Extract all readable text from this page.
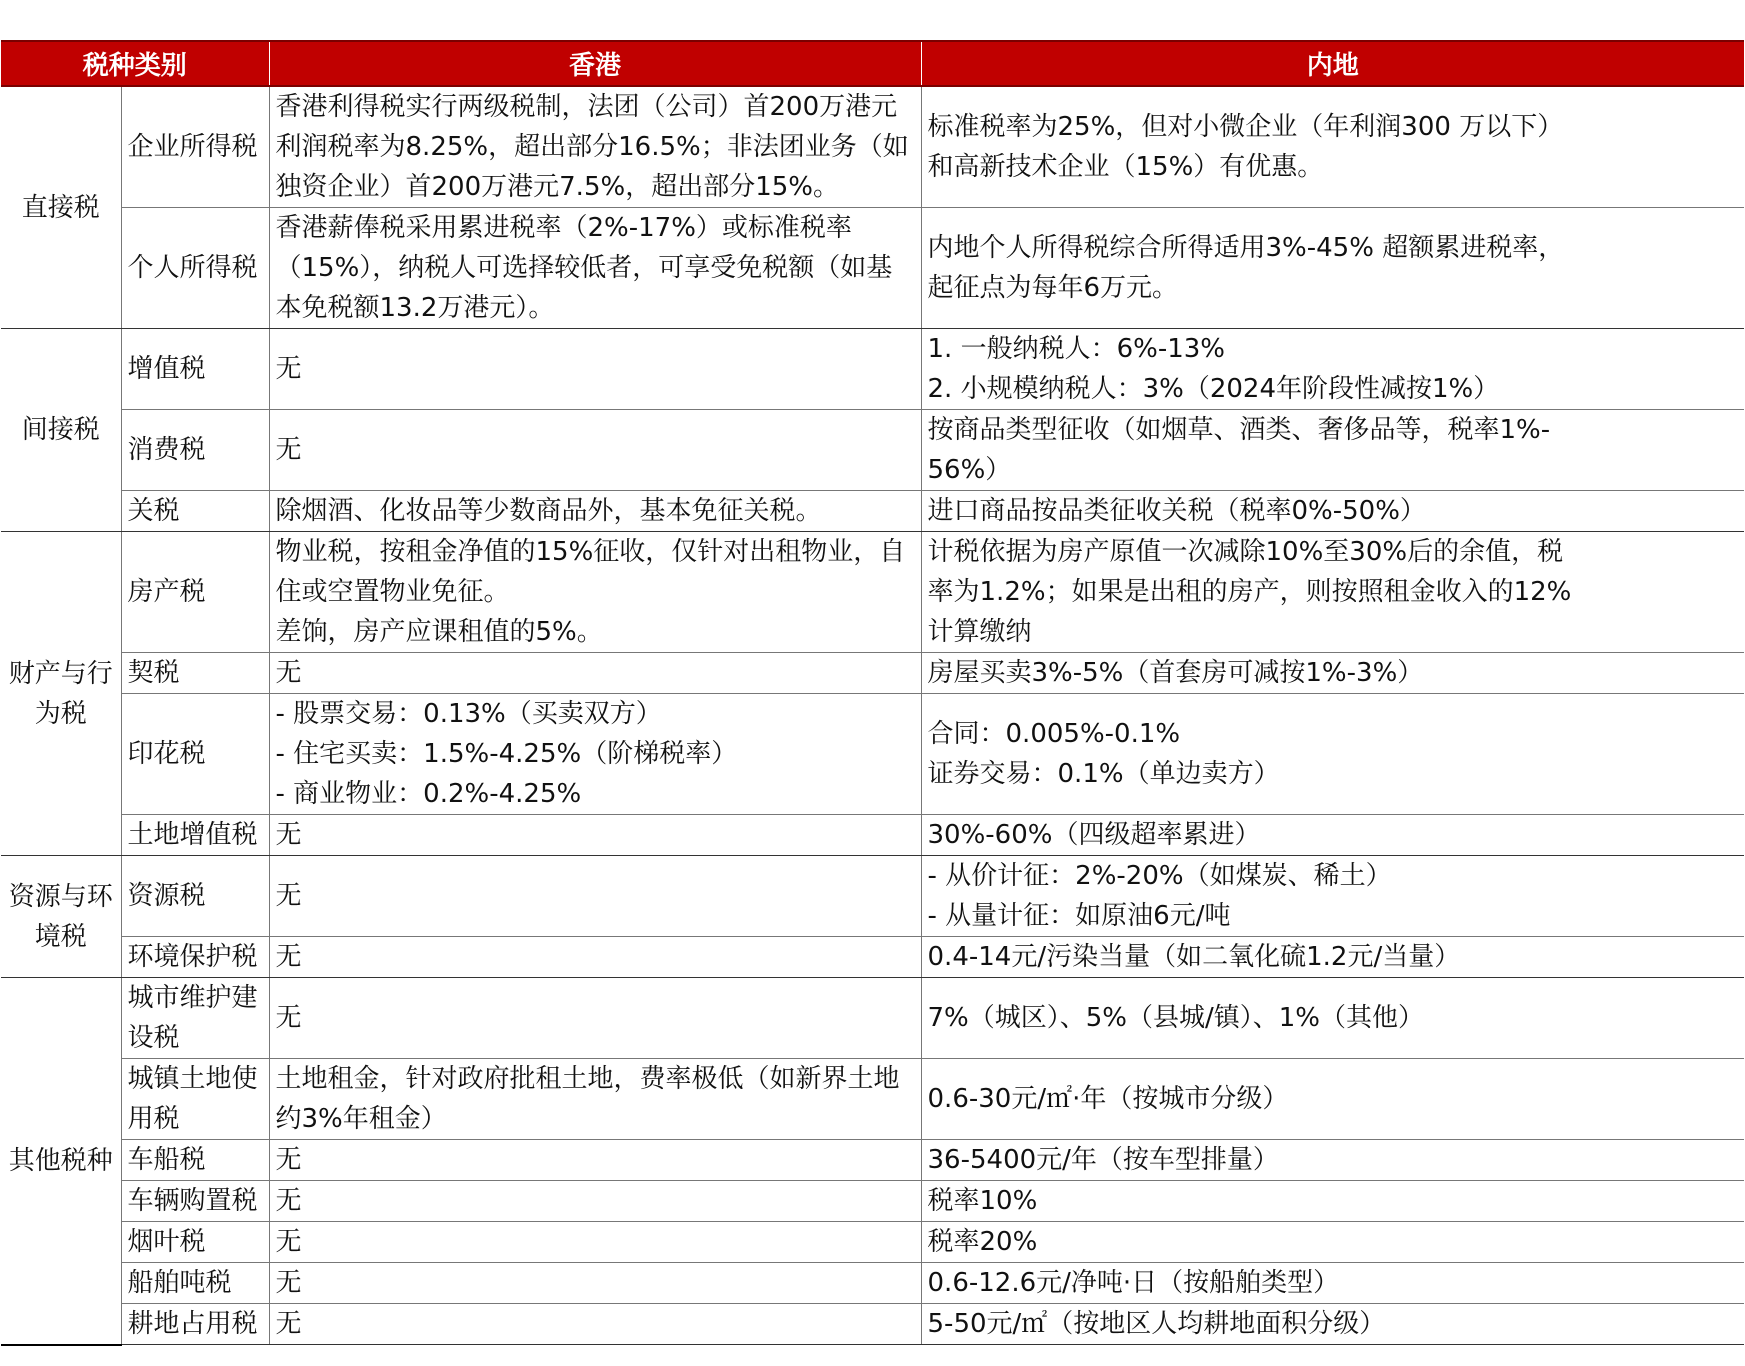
税种类别		香港	内地
直接税	企业所得税	香港利得税实行两级税制，法团（公司）首200万港元
利润税率为8.25%，超出部分16.5%；非法团业务（如
独资企业）首200万港元7.5%，超出部分15%。	标准税率为25%，但对小微企业（年利润300 万以下）
和高新技术企业（15%）有优惠。

	个人所得税	香港薪俸税采用累进税率（2%-17%）或标准税率
（15%），纳税人可选择较低者，可享受免税额（如基
本免税额13.2万港元）。	内地个人所得税综合所得适用3%-45% 超额累进税率，
起征点为每年6万元。

间接税	增值税	无	1. 一般纳税人：6%-13%
2. 小规模纳税人：3%（2024年阶段性减按1%）

	消费税	无	按商品类型征收（如烟草、酒类、奢侈品等，税率1%-
56%）

	关税	除烟酒、化妆品等少数商品外，基本免征关税。	进口商品按品类征收关税（税率0%-50%）

财产与行为税	房产税	物业税，按租金净值的15%征收，仅针对出租物业，自
住或空置物业免征。
差饷，房产应课租值的5%。	计税依据为房产原值一次减除10%至30%后的余值，税
率为1.2%；如果是出租的房产，则按照租金收入的12%
计算缴纳

	契税	无	房屋买卖3%-5%（首套房可减按1%-3%）

	印花税	- 股票交易：0.13%（买卖双方）
- 住宅买卖：1.5%-4.25%（阶梯税率）
- 商业物业：0.2%-4.25%	合同：0.005%-0.1%
证券交易：0.1%（单边卖方）

	土地增值税	无	30%-60%（四级超率累进）

资源与环境税	资源税	无	- 从价计征：2%-20%（如煤炭、稀土）
- 从量计征：如原油6元/吨

	环境保护税	无	0.4-14元/污染当量（如二氧化硫1.2元/当量）

其他税种	城市维护建设税	无	7%（城区）、5%（县城/镇）、1%（其他）

	城镇土地使用税	土地租金，针对政府批租土地，费率极低（如新界土地
约3%年租金）	0.6-30元/㎡·年（按城市分级）

	车船税	无	36-5400元/年（按车型排量）

	车辆购置税	无	税率10%

	烟叶税	无	税率20%

	船舶吨税	无	0.6-12.6元/净吨·日（按船舶类型）

	耕地占用税	无	5-50元/㎡（按地区人均耕地面积分级）
